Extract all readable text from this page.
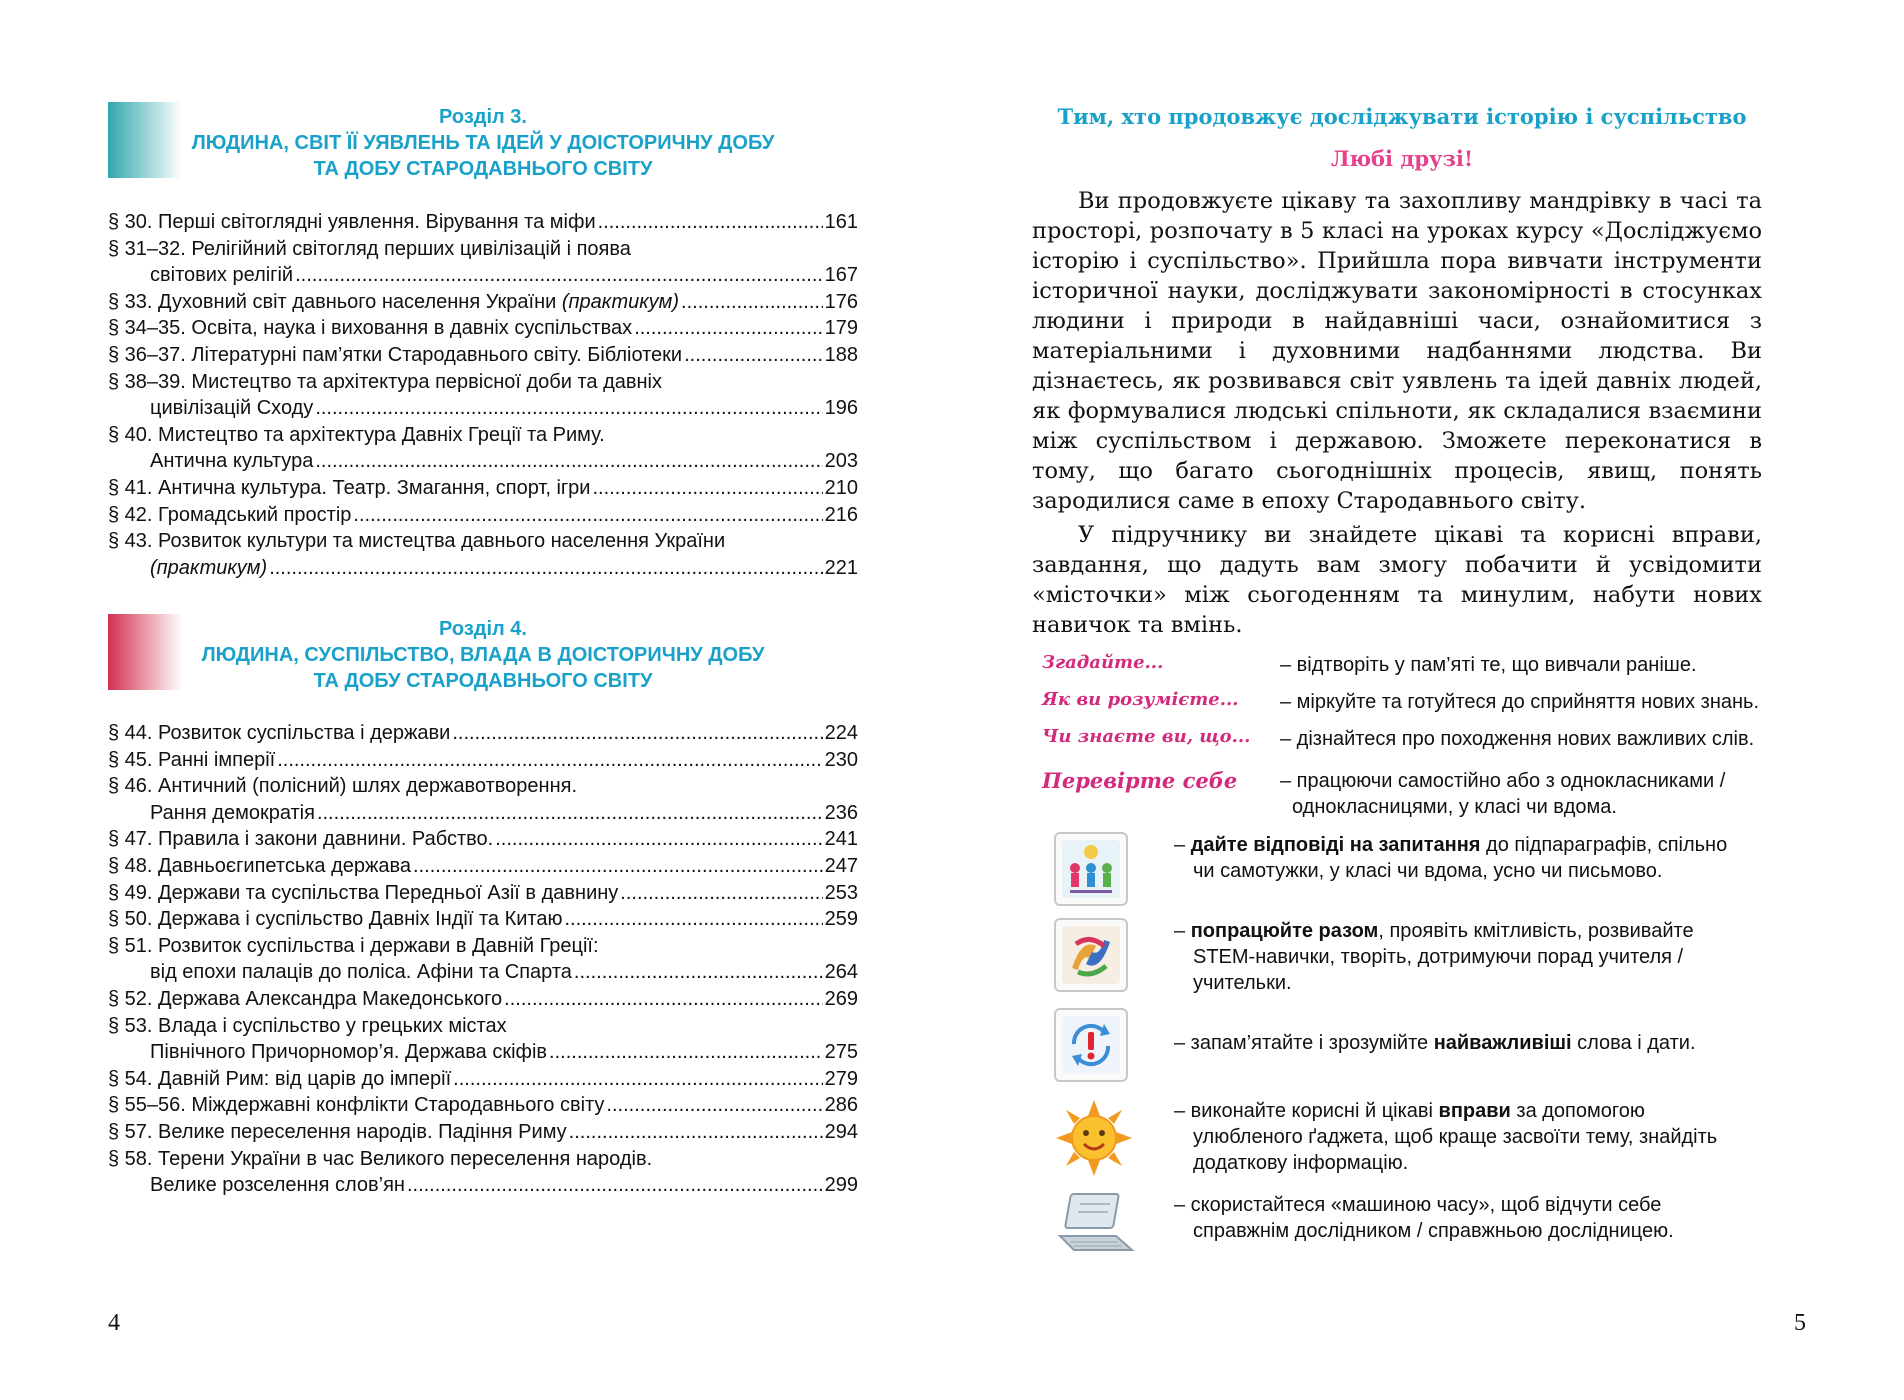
Розділ 3.
ЛЮДИНА, СВІТ ЇЇ УЯВЛЕНЬ ТА ІДЕЙ У ДОІСТОРИЧНУ ДОБУ
ТА ДОБУ СТАРОДАВНЬОГО СВІТУ
§ 30. Перші світоглядні уявлення. Вірування та міфи .....	161
§ 31–32. Релігійний світогляд перших цивілізацій і поява
світових релігій .....	167
§ 33. Духовний світ давнього населення України (практикум) .....	176
§ 34–35. Освіта, наука і виховання в давніх суспільствах .....	179
§ 36–37. Літературні пам’ятки Стародавнього світу. Бібліотеки .....	188
§ 38–39. Мистецтво та архітектура первісної доби та давніх
цивілізацій Сходу .....	196
§ 40. Мистецтво та архітектура Давніх Греції та Риму.
Антична культура .....	203
§ 41. Антична культура. Театр. Змагання, спорт, ігри .....	210
§ 42. Громадський простір .....	216
§ 43. Розвиток культури та мистецтва давнього населення України
(практикум) .....	221
Розділ 4.
ЛЮДИНА, СУСПІЛЬСТВО, ВЛАДА В ДОІСТОРИЧНУ ДОБУ
ТА ДОБУ СТАРОДАВНЬОГО СВІТУ
§ 44. Розвиток суспільства і держави .....	224
§ 45. Ранні імперії .....	230
§ 46. Античний (полісний) шлях державотворення.
Рання демократія .....	236
§ 47. Правила і закони давнини. Рабство. .....	241
§ 48. Давньоєгипетська держава .....	247
§ 49. Держави та суспільства Передньої Азії в давнину .....	253
§ 50. Держава і суспільство Давніх Індії та Китаю .....	259
§ 51. Розвиток суспільства і держави в Давній Греції:
від епохи палаців до поліса. Афіни та Спарта .....	264
§ 52. Держава Александра Македонського .....	269
§ 53. Влада і суспільство у грецьких містах
Північного Причорномор’я. Держава скіфів .....	275
§ 54. Давній Рим: від царів до імперії .....	279
§ 55–56. Міждержавні конфлікти Стародавнього світу .....	286
§ 57. Велике переселення народів. Падіння Риму .....	294
§ 58. Терени України в час Великого переселення народів.
Велике розселення слов’ян .....	299
4
Тим, хто продовжує досліджувати історію і суспільство
Любі друзі!
Ви продовжуєте цікаву та захопливу мандрівку в часі та просторі, розпочату в 5 класі на уроках курсу «Досліджуємо історію і суспільство». Прийшла пора вивчати інструменти історичної науки, досліджувати закономірності в стосунках людини і природи в найдавніші часи, ознайомитися з матеріальними і духовними надбаннями людства. Ви дізнаєтесь, як розвивався світ уявлень та ідей давніх людей, як формувалися людські спільноти, як складалися взаємини між суспільством і державою. Зможете переконатися в тому, що багато сьогоднішніх процесів, явищ, понять зародилися саме в епоху Стародавнього світу.
У підручнику ви знайдете цікаві та корисні вправи, завдання, що дадуть вам змогу побачити й усвідомити «місточки» між сьогоденням та минулим, набути нових навичок та вмінь.
Згадайте...	– відтворіть у пам’яті те, що вивчали раніше.
Як ви розумієте... – міркуйте та готуйтеся до сприйняття нових знань.
Чи знаєте ви, що... – дізнайтеся про походження нових важливих слів.
Перевірте себе – працюючи самостійно або з однокласниками /
однокласницями, у класі чи вдома.
– дайте відповіді на запитання до підпараграфів, спільно
чи самотужки, у класі чи вдома, усно чи письмово.
– попрацюйте разом, проявіть кмітливість, розвивайте
STEM-навички, творіть, дотримуючи порад учителя /
учительки.
– запам’ятайте і зрозумійте найважливіші слова і дати.
– виконайте корисні й цікаві вправи за допомогою
улюбленого ґаджета, щоб краще засвоїти тему, знайдіть
додаткову інформацію.
– скористайтеся «машиною часу», щоб відчути себе
справжнім дослідником / справжньою дослідницею.
5
